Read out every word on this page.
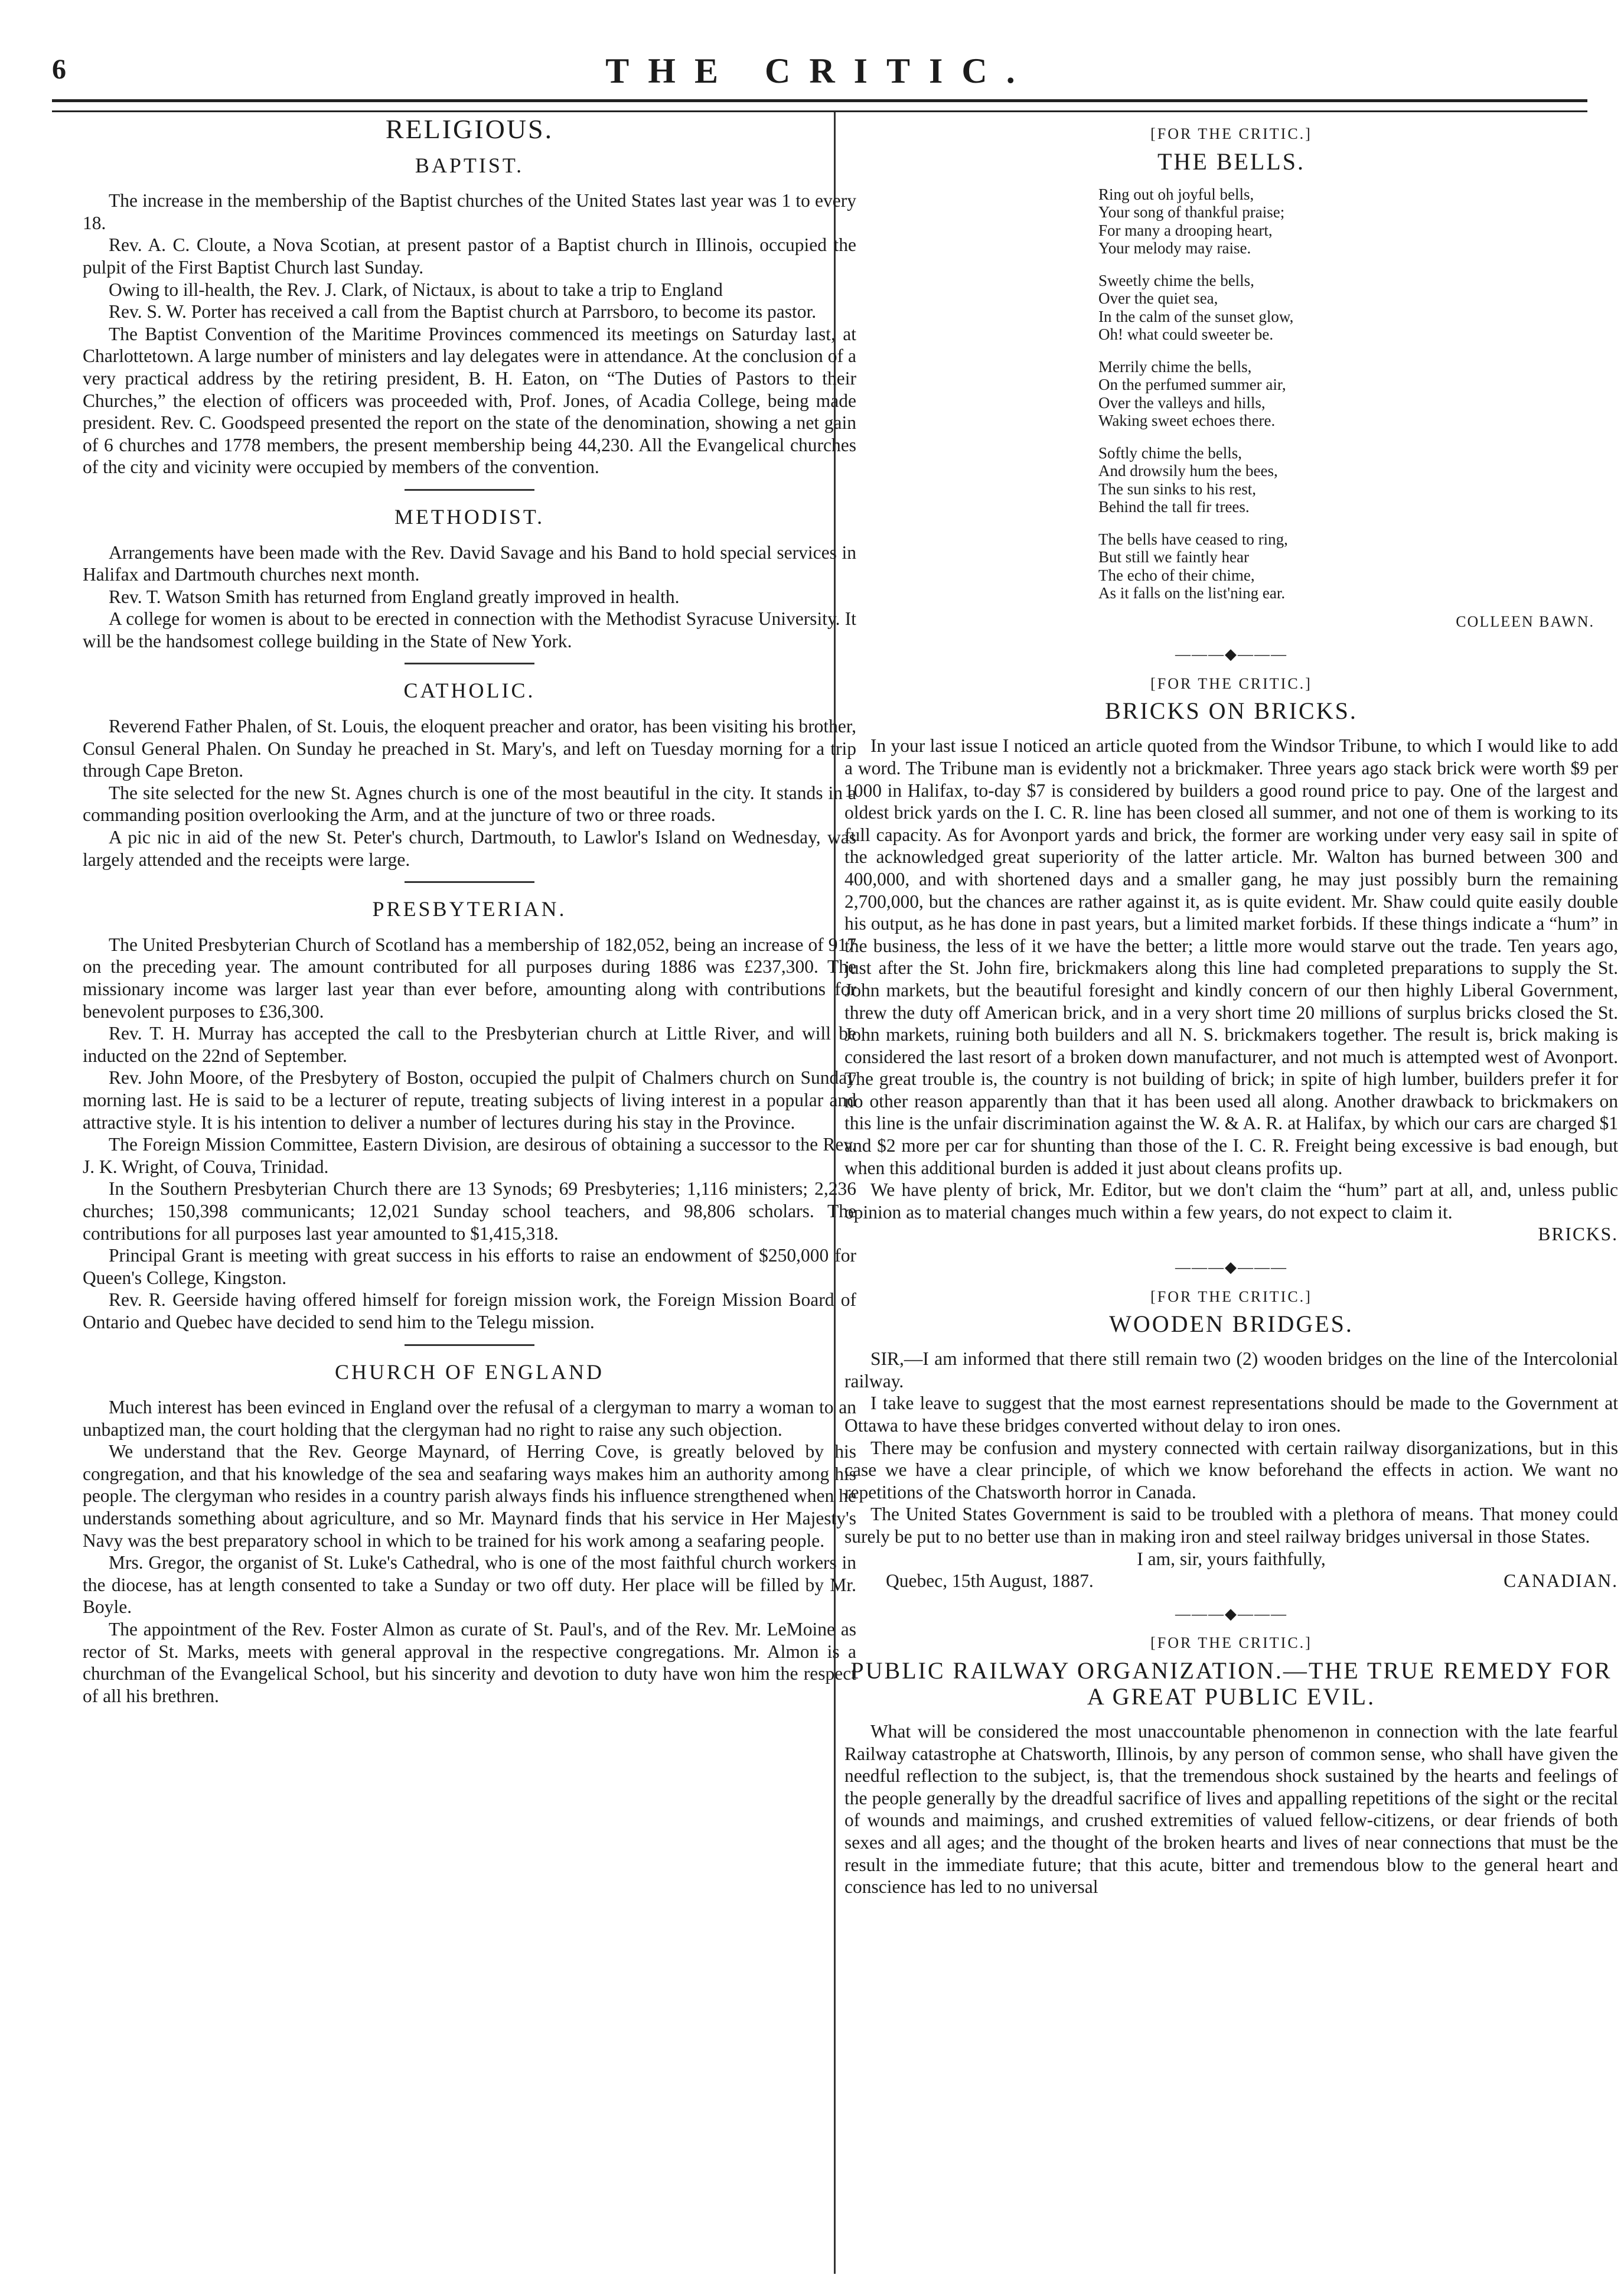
6	THE CRITIC.
RELIGIOUS.
BAPTIST.

The increase in the membership of the Baptist churches of the United States last year was 1 to every 18.

Rev. A. C. Cloute, a Nova Scotian, at present pastor of a Baptist church in Illinois, occupied the pulpit of the First Baptist Church last Sunday.

Owing to ill-health, the Rev. J. Clark, of Nictaux, is about to take a trip to England

Rev. S. W. Porter has received a call from the Baptist church at Parrsboro, to become its pastor.

The Baptist Convention of the Maritime Provinces commenced its meetings on Saturday last, at Charlottetown. A large number of ministers and lay delegates were in attendance. At the conclusion of a very practical address by the retiring president, B. H. Eaton, on “The Duties of Pastors to their Churches,” the election of officers was proceeded with, Prof. Jones, of Acadia College, being made president. Rev. C. Goodspeed presented the report on the state of the denomination, showing a net gain of 6 churches and 1778 members, the present membership being 44,230. All the Evangelical churches of the city and vicinity were occupied by members of the convention.

METHODIST.

Arrangements have been made with the Rev. David Savage and his Band to hold special services in Halifax and Dartmouth churches next month.

Rev. T. Watson Smith has returned from England greatly improved in health.

A college for women is about to be erected in connection with the Methodist Syracuse University. It will be the handsomest college building in the State of New York.

CATHOLIC.

Reverend Father Phalen, of St. Louis, the eloquent preacher and orator, has been visiting his brother, Consul General Phalen. On Sunday he preached in St. Mary's, and left on Tuesday morning for a trip through Cape Breton.

The site selected for the new St. Agnes church is one of the most beautiful in the city. It stands in a commanding position overlooking the Arm, and at the juncture of two or three roads.

A pic nic in aid of the new St. Peter's church, Dartmouth, to Lawlor's Island on Wednesday, was largely attended and the receipts were large.

PRESBYTERIAN.

The United Presbyterian Church of Scotland has a membership of 182,052, being an increase of 917 on the preceding year. The amount contributed for all purposes during 1886 was £237,300. The missionary income was larger last year than ever before, amounting along with contributions for benevolent purposes to £36,300.

Rev. T. H. Murray has accepted the call to the Presbyterian church at Little River, and will be inducted on the 22nd of September.

Rev. John Moore, of the Presbytery of Boston, occupied the pulpit of Chalmers church on Sunday morning last. He is said to be a lecturer of repute, treating subjects of living interest in a popular and attractive style. It is his intention to deliver a number of lectures during his stay in the Province.

The Foreign Mission Committee, Eastern Division, are desirous of obtaining a successor to the Rev. J. K. Wright, of Couva, Trinidad.

In the Southern Presbyterian Church there are 13 Synods; 69 Presbyteries; 1,116 ministers; 2,236 churches; 150,398 communicants; 12,021 Sunday school teachers, and 98,806 scholars. The contributions for all purposes last year amounted to $1,415,318.

Principal Grant is meeting with great success in his efforts to raise an endowment of $250,000 for Queen's College, Kingston.

Rev. R. Geerside having offered himself for foreign mission work, the Foreign Mission Board of Ontario and Quebec have decided to send him to the Telegu mission.

CHURCH OF ENGLAND

Much interest has been evinced in England over the refusal of a clergyman to marry a woman to an unbaptized man, the court holding that the clergyman had no right to raise any such objection.

We understand that the Rev. George Maynard, of Herring Cove, is greatly beloved by his congregation, and that his knowledge of the sea and seafaring ways makes him an authority among his people. The clergyman who resides in a country parish always finds his influence strengthened when he understands something about agriculture, and so Mr. Maynard finds that his service in Her Majesty's Navy was the best preparatory school in which to be trained for his work among a seafaring people.

Mrs. Gregor, the organist of St. Luke's Cathedral, who is one of the most faithful church workers in the diocese, has at length consented to take a Sunday or two off duty. Her place will be filled by Mr. Boyle.

The appointment of the Rev. Foster Almon as curate of St. Paul's, and of the Rev. Mr. LeMoine as rector of St. Marks, meets with general approval in the respective congregations. Mr. Almon is a churchman of the Evangelical School, but his sincerity and devotion to duty have won him the respect of all his brethren.

[FOR THE CRITIC.]
THE BELLS.
Ring out oh joyful bells,
Your song of thankful praise;
For many a drooping heart,
Your melody may raise.
Sweetly chime the bells,
Over the quiet sea,
In the calm of the sunset glow,
Oh! what could sweeter be.
Merrily chime the bells,
On the perfumed summer air,
Over the valleys and hills,
Waking sweet echoes there.
Softly chime the bells,
And drowsily hum the bees,
The sun sinks to his rest,
Behind the tall fir trees.
The bells have ceased to ring,
But still we faintly hear
The echo of their chime,
As it falls on the list'ning ear.
COLLEEN BAWN.
———◆———
[FOR THE CRITIC.]
BRICKS ON BRICKS.

In your last issue I noticed an article quoted from the Windsor Tribune, to which I would like to add a word. The Tribune man is evidently not a brickmaker. Three years ago stack brick were worth $9 per 1000 in Halifax, to-day $7 is considered by builders a good round price to pay. One of the largest and oldest brick yards on the I. C. R. line has been closed all summer, and not one of them is working to its full capacity. As for Avonport yards and brick, the former are working under very easy sail in spite of the acknowledged great superiority of the latter article. Mr. Walton has burned between 300 and 400,000, and with shortened days and a smaller gang, he may just possibly burn the remaining 2,700,000, but the chances are rather against it, as is quite evident. Mr. Shaw could quite easily double his output, as he has done in past years, but a limited market forbids. If these things indicate a “hum” in the business, the less of it we have the better; a little more would starve out the trade. Ten years ago, just after the St. John fire, brickmakers along this line had completed preparations to supply the St. John markets, but the beautiful foresight and kindly concern of our then highly Liberal Government, threw the duty off American brick, and in a very short time 20 millions of surplus bricks closed the St. John markets, ruining both builders and all N. S. brickmakers together. The result is, brick making is considered the last resort of a broken down manufacturer, and not much is attempted west of Avonport. The great trouble is, the country is not building of brick; in spite of high lumber, builders prefer it for no other reason apparently than that it has been used all along. Another drawback to brickmakers on this line is the unfair discrimination against the W. & A. R. at Halifax, by which our cars are charged $1 and $2 more per car for shunting than those of the I. C. R. Freight being excessive is bad enough, but when this additional burden is added it just about cleans profits up.

We have plenty of brick, Mr. Editor, but we don't claim the “hum” part at all, and, unless public opinion as to material changes much within a few years, do not expect to claim it.

BRICKS.
———◆———
[FOR THE CRITIC.]
WOODEN BRIDGES.

SIR,—I am informed that there still remain two (2) wooden bridges on the line of the Intercolonial railway.

I take leave to suggest that the most earnest representations should be made to the Government at Ottawa to have these bridges converted without delay to iron ones.

There may be confusion and mystery connected with certain railway disorganizations, but in this case we have a clear principle, of which we know beforehand the effects in action. We want no repetitions of the Chatsworth horror in Canada.

The United States Government is said to be troubled with a plethora of means. That money could surely be put to no better use than in making iron and steel railway bridges universal in those States.

I am, sir, yours faithfully,
Quebec, 15th August, 1887.	CANADIAN.
———◆———
[FOR THE CRITIC.]
PUBLIC RAILWAY ORGANIZATION.—THE TRUE REMEDY FOR A GREAT PUBLIC EVIL.

What will be considered the most unaccountable phenomenon in connection with the late fearful Railway catastrophe at Chatsworth, Illinois, by any person of common sense, who shall have given the needful reflection to the subject, is, that the tremendous shock sustained by the hearts and feelings of the people generally by the dreadful sacrifice of lives and appalling repetitions of the sight or the recital of wounds and maimings, and crushed extremities of valued fellow-citizens, or dear friends of both sexes and all ages; and the thought of the broken hearts and lives of near connections that must be the result in the immediate future; that this acute, bitter and tremendous blow to the general heart and conscience has led to no universal
